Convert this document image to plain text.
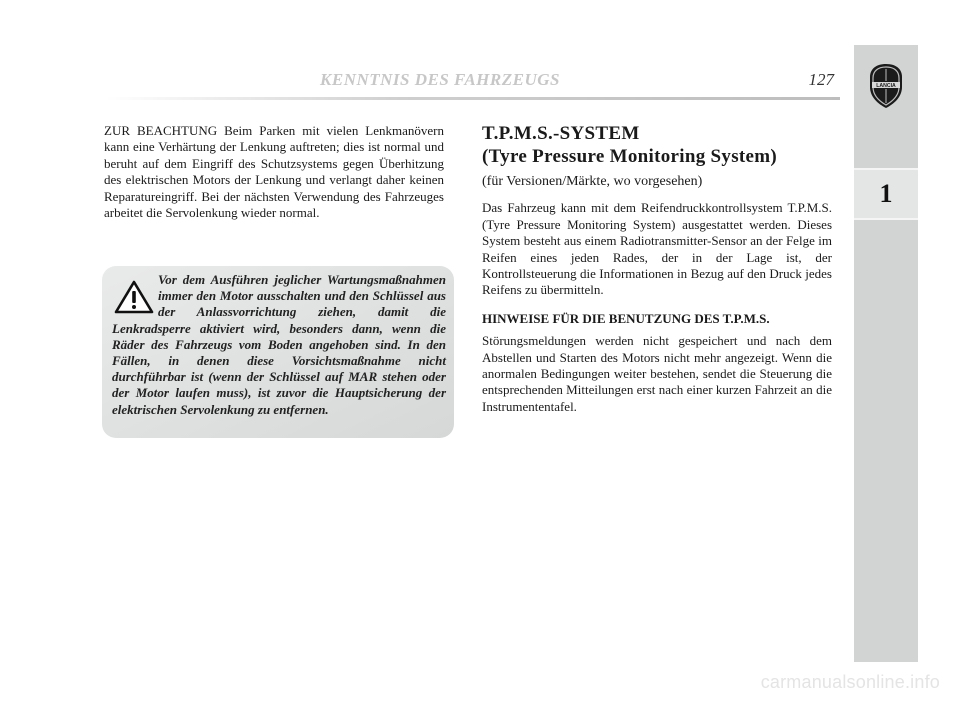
KENNTNIS DES FAHRZEUGS	127	LANCIA
1

ZUR BEACHTUNG Beim Parken mit vielen Lenkmanövern kann eine Verhärtung der Lenkung auftreten; dies ist normal und beruht auf dem Eingriff des Schutzsystems gegen Überhitzung des elektrischen Motors der Lenkung und verlangt daher keinen Reparatureingriff. Bei der nächsten Verwendung des Fahrzeuges arbeitet die Servolenkung wieder normal.

Vor dem Ausführen jeglicher Wartungsmaßnahmen immer den Motor ausschalten und den Schlüssel aus der Anlassvorrichtung ziehen, damit die Lenkradsperre aktiviert wird, besonders dann, wenn die Räder des Fahrzeugs vom Boden angehoben sind. In den Fällen, in denen diese Vorsichtsmaßnahme nicht durchführbar ist (wenn der Schlüssel auf MAR stehen oder der Motor laufen muss), ist zuvor die Hauptsicherung der elektrischen Servolenkung zu entfernen.
T.P.M.S.-SYSTEM
(Tyre Pressure Monitoring System)
(für Versionen/Märkte, wo vorgesehen)

Das Fahrzeug kann mit dem Reifendruckkontrollsystem T.P.M.S. (Tyre Pressure Monitoring System) ausgestattet werden. Dieses System besteht aus einem Radiotransmitter-Sensor an der Felge im Reifen eines jeden Rades, der in der Lage ist, der Kontrollsteuerung die Informationen in Bezug auf den Druck jedes Reifens zu übermitteln.

HINWEISE FÜR DIE BENUTZUNG DES T.P.M.S.

Störungsmeldungen werden nicht gespeichert und nach dem Abstellen und Starten des Motors nicht mehr angezeigt. Wenn die anormalen Bedingungen weiter bestehen, sendet die Steuerung die entsprechenden Mitteilungen erst nach einer kurzen Fahrzeit an die Instrumententafel.

carmanualsonline.info
